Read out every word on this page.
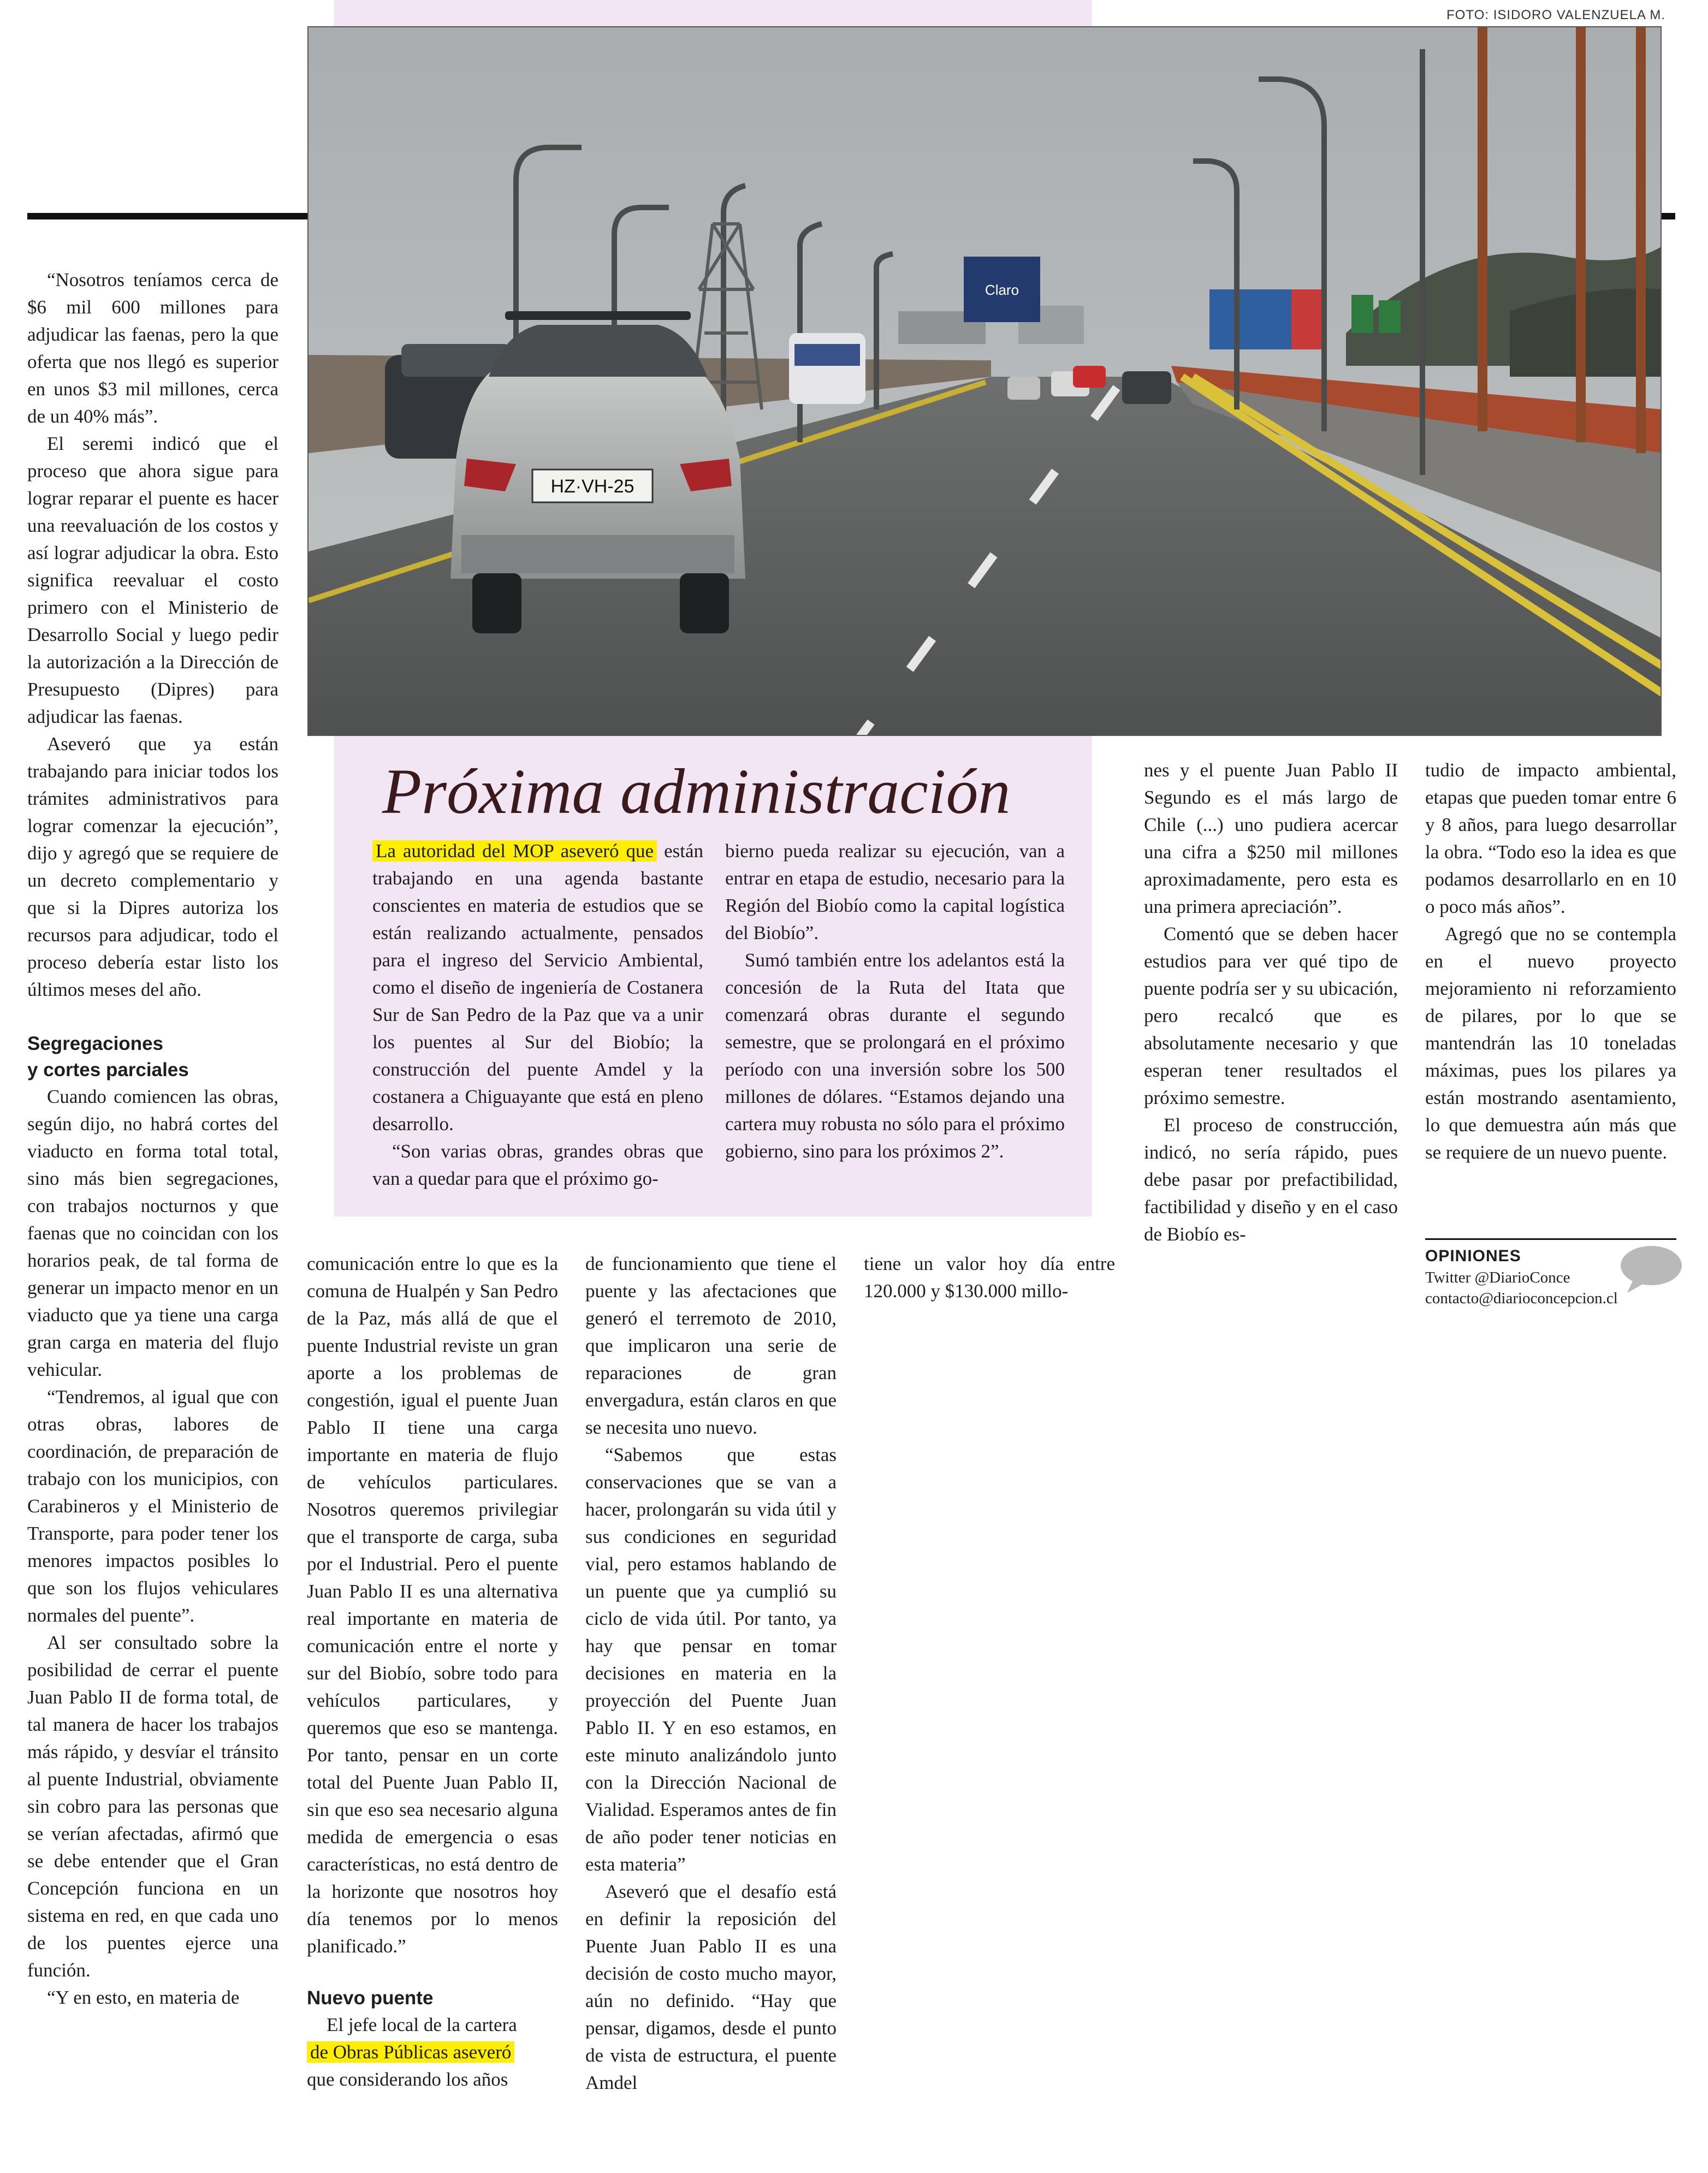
FOTO: ISIDORO VALENZUELA M.
Claro
HZ·VH-25
Próxima administración

La autoridad del MOP aseveró que están trabajando en una agenda bastante conscientes en materia de estudios que se están realizando actualmente, pensados para el ingreso del Servicio Ambiental, como el diseño de ingeniería de Costanera Sur de San Pedro de la Paz que va a unir los puentes al Sur del Biobío; la construcción del puente Amdel y la costanera a Chiguayante que está en pleno desarrollo.

“Son varias obras, grandes obras que van a quedar para que el próximo go-

bierno pueda realizar su ejecución, van a entrar en etapa de estudio, necesario para la Región del Biobío como la capital logística del Biobío”.

Sumó también entre los adelantos está la concesión de la Ruta del Itata que comenzará obras durante el segundo semestre, que se prolongará en el próximo período con una inversión sobre los 500 millones de dólares. “Estamos dejando una cartera muy robusta no sólo para el próximo gobierno, sino para los próximos 2”.

“Nosotros teníamos cerca de $6 mil 600 millones para adjudicar las faenas, pero la que oferta que nos llegó es superior en unos $3 mil millones, cerca de un 40% más”.

El seremi indicó que el proceso que ahora sigue para lograr reparar el puente es hacer una reevaluación de los costos y así lograr adjudicar la obra. Esto significa reevaluar el costo primero con el Ministerio de Desarrollo Social y luego pedir la autorización a la Dirección de Presupuesto (Dipres) para adjudicar las faenas.

Aseveró que ya están trabajando para iniciar todos los trámites administrativos para lograr comenzar la ejecución”, dijo y agregó que se requiere de un decreto complementario y que si la Dipres autoriza los recursos para adjudicar, todo el proceso debería estar listo los últimos meses del año.

Segregaciones
y cortes parciales

Cuando comiencen las obras, según dijo, no habrá cortes del viaducto en forma total total, sino más bien segregaciones, con trabajos nocturnos y que faenas que no coincidan con los horarios peak, de tal forma de generar un impacto menor en un viaducto que ya tiene una carga gran carga en materia del flujo vehicular.

“Tendremos, al igual que con otras obras, labores de coordinación, de preparación de trabajo con los municipios, con Carabineros y el Ministerio de Transporte, para poder tener los menores impactos posibles lo que son los flujos vehiculares normales del puente”.

Al ser consultado sobre la posibilidad de cerrar el puente Juan Pablo II de forma total, de tal manera de hacer los trabajos más rápido, y desvíar el tránsito al puente Industrial, obviamente sin cobro para las personas que se verían afectadas, afirmó que se debe entender que el Gran Concepción funciona en un sistema en red, en que cada uno de los puentes ejerce una función.

“Y en esto, en materia de

comunicación entre lo que es la comuna de Hualpén y San Pedro de la Paz, más allá de que el puente Industrial reviste un gran aporte a los problemas de congestión, igual el puente Juan Pablo II tiene una carga importante en materia de flujo de vehículos particulares. Nosotros queremos privilegiar que el transporte de carga, suba por el Industrial. Pero el puente Juan Pablo II es una alternativa real importante en materia de comunicación entre el norte y sur del Biobío, sobre todo para vehículos particulares, y queremos que eso se mantenga. Por tanto, pensar en un corte total del Puente Juan Pablo II, sin que eso sea necesario alguna medida de emergencia o esas características, no está dentro de la horizonte que nosotros hoy día tenemos por lo menos planificado.”

Nuevo puente

El jefe local de la cartera

de Obras Públicas aseveró
que considerando los años

de funcionamiento que tiene el puente y las afectaciones que generó el terremoto de 2010, que implicaron una serie de reparaciones de gran envergadura, están claros en que se necesita uno nuevo.

“Sabemos que estas conservaciones que se van a hacer, prolongarán su vida útil y sus condiciones en seguridad vial, pero estamos hablando de un puente que ya cumplió su ciclo de vida útil. Por tanto, ya hay que pensar en tomar decisiones en materia en la proyección del Puente Juan Pablo II. Y en eso estamos, en este minuto analizándolo junto con la Dirección Nacional de Vialidad. Esperamos antes de fin de año poder tener noticias en esta materia”

Aseveró que el desafío está en definir la reposición del Puente Juan Pablo II es una decisión de costo mucho mayor, aún no definido. “Hay que pensar, digamos, desde el punto de vista de estructura, el puente Amdel

tiene un valor hoy día entre 120.000 y $130.000 millo-

nes y el puente Juan Pablo II Segundo es el más largo de Chile (...) uno pudiera acercar una cifra a $250 mil millones aproximadamente, pero esta es una primera apreciación”.

Comentó que se deben hacer estudios para ver qué tipo de puente podría ser y su ubicación, pero recalcó que es absolutamente necesario y que esperan tener resultados el próximo semestre.

El proceso de construcción, indicó, no sería rápido, pues debe pasar por prefactibilidad, factibilidad y diseño y en el caso de Biobío es-

tudio de impacto ambiental, etapas que pueden tomar entre 6 y 8 años, para luego desarrollar la obra. “Todo eso la idea es que podamos desarrollarlo en en 10 o poco más años”.

Agregó que no se contempla en el nuevo proyecto mejoramiento ni reforzamiento de pilares, por lo que se mantendrán las 10 toneladas máximas, pues los pilares ya están mostrando asentamiento, lo que demuestra aún más que se requiere de un nuevo puente.

OPINIONES
Twitter @DiarioConce
contacto@diarioconcepcion.cl
